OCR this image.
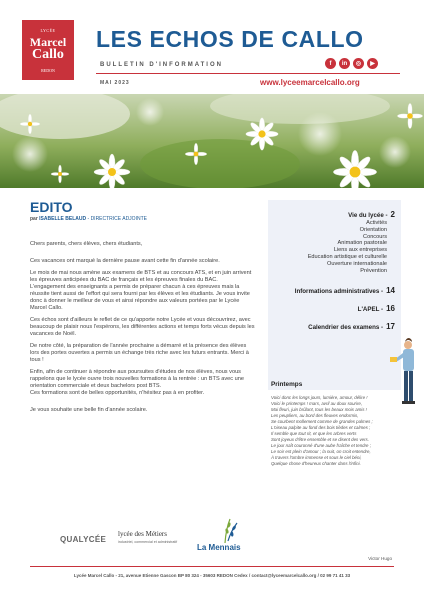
LYCÉE
Marcel
Callo
REDON
LES ECHOS DE CALLO
BULLETIN D'INFORMATION	f	in	◎	▶
MAI 2023	www.lyceemarcelcallo.org
EDITO
par ISABELLE BELAUD - DIRECTRICE ADJOINTE

Chers parents, chers élèves, chers étudiants,

Ces vacances ont marqué la dernière pause avant cette fin d'année scolaire.

Le mois de mai nous amène aux examens de BTS et au concours ATS, et en juin arrivent les épreuves anticipées du BAC de français et les épreuves finales du BAC.

L'engagement des enseignants a permis de préparer chacun à ces épreuves mais la réussite tient aussi de l'effort qui sera fourni par les élèves et les étudiants. Je vous invite donc à donner le meilleur de vous et ainsi répondre aux valeurs portées par le Lycée Marcel Callo.

Ces échos sont d'ailleurs le reflet de ce qu'apporte notre Lycée et vous découvrirez, avec beaucoup de plaisir nous l'espérons, les différentes actions et temps forts vécus depuis les vacances de Noël.

De notre côté, la préparation de l'année prochaine a démarré et la présence des élèves lors des portes ouvertes a permis un échange très riche avec les futurs entrants. Merci à tous !

Enfin, afin de continuer à répondre aux poursuites d'études de nos élèves, nous vous rappelons que le lycée ouvre trois nouvelles formations à la rentrée : un BTS avec une orientation commerciale et deux bachelors post BTS.

Ces formations sont de belles opportunités, n'hésitez pas à en profiter.

Je vous souhaite une belle fin d'année scolaire.

Vie du lycée - 2
Activités
Orientation
Concours
Animation pastorale
Liens aux entreprises
Education artistique et culturelle
Ouverture internationale
Prévention
Informations administratives - 14
L'APEL - 16
Calendrier des examens - 17
Printemps
Voici donc les longs jours, lumière, amour, délire !
Voici le printemps ! mars, avril au doux sourire,
Mai fleuri, juin brûlant, tous les beaux mois amis !
Les peupliers, au bord des fleuves endormis,
Se courbent mollement comme de grandes palmes ;
L'oiseau palpite au fond des bois tièdes et calmes ;
Il semble que tout rit, et que les arbres verts
Sont joyeux d'être ensemble et se disent des vers.
Le jour naît couronné d'une aube fraîche et tendre ;
Le soir est plein d'amour ; la nuit, on croit entendre,
À travers l'ombre immense et sous le ciel béni,
Quelque chose d'heureux chanter dans l'infini.
Victor Hugo
QUALYCÉE
lycée des Métiers
industriel, commercial et administratif
La Mennais
Lycée Marcel Callo - 21, avenue Etienne Gascon BP 80 324 - 35603 REDON Cedex / contact@lyceemarcelcallo.org / 02 99 71 41 33
